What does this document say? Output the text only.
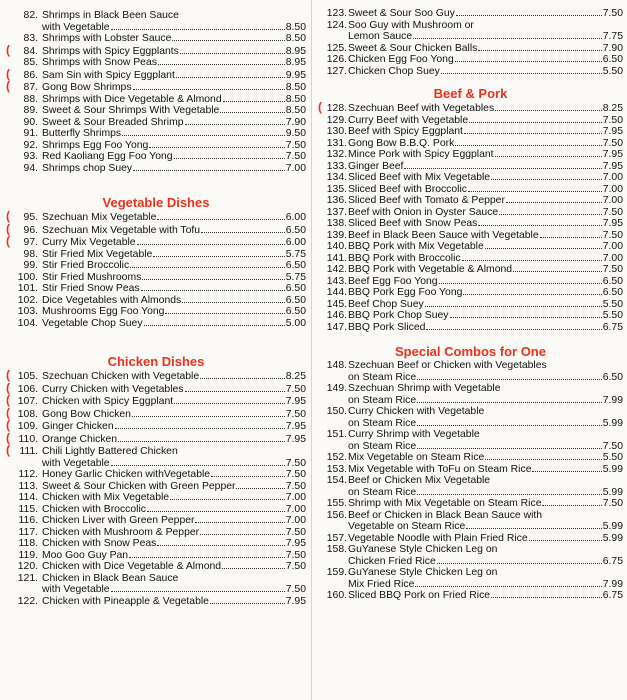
82. Shrimps in Black Been Sauce
with Vegetable	8.50
83. Shrimps with Lobster Sauce	8.50
(	84. Shrimps with Spicy Eggplants	8.95
85. Shrimps with Snow Peas	8.95
(	86. Sam Sin with Spicy Eggplant	9.95
(	87. Gong Bow Shrimps	8.50
88. Shrimps with Dice Vegetable & Almond	8.50
89. Sweet & Sour Shrimps With Vegetable	8.50
90. Sweet & Sour Breaded Shrimp	7.90
91. Butterfly Shrimps	9.50
92. Shrimps Egg Foo Yong	7.50
93. Red Kaoliang Egg Foo Yong	7.50
94. Shrimps chop Suey	7.00
Vegetable Dishes
(	95. Szechuan Mix Vegetable	6.00
(	96. Szechuan Mix Vegetable with Tofu	6.50
(	97. Curry Mix Vegetable	6.00
98. Stir Fried Mix Vegetable	5.75
99. Stir Fried Broccolic	6.50
100. Stir Fried Mushrooms	5.75
101. Stir Fried Snow Peas	6.50
102. Dice Vegetables with Almonds	6.50
103. Mushrooms Egg Foo Yong	6.50
104. Vegetable Chop Suey	5.00
Chicken Dishes
( 105. Szechuan Chicken with Vegetable	8.25
( 106. Curry Chicken with Vegetables	7.50
( 107. Chicken with Spicy Eggplant	7.95
( 108. Gong Bow Chicken	7.50
( 109. Ginger Chicken	7.95
( 110. Orange Chicken	7.95
( 111. Chili Lightly Battered Chicken
with Vegetable	7.50
112. Honey Garlic Chicken withVegetable	7.50
113. Sweet & Sour Chicken with Green Pepper	7.50
114. Chicken with Mix Vegetable	7.00
115. Chicken with Broccolic	7.00
116. Chicken Liver with Green Pepper	7.00
117. Chicken with Mushroom & Pepper	7.50
118. Chicken with Snow Peas	7.95
119. Moo Goo Guy Pan	7.50
120. Chicken with Dice Vegetable & Almond	7.50
121. Chicken in Black Bean Sauce
with Vegetable	7.50
122. Chicken with Pineapple & Vegetable	7.95
123. Sweet & Sour Soo Guy	7.50
124. Soo Guy with Mushroom or
Lemon Sauce	7.75
125. Sweet & Sour Chicken Balls	7.90
126. Chicken Egg Foo Yong	6.50
127. Chicken Chop Suey	5.50
Beef & Pork
( 128. Szechuan Beef with Vegetables	8.25
129. Curry Beef with Vegetable	7.50
130. Beef with Spicy Eggplant	7.95
131. Gong Bow B.B.Q. Pork	7.50
132. Mince Pork with Spicy Eggplant	7.95
133. Ginger Beef	7.95
134. Sliced Beef with Mix Vegetable	7.00
135. Sliced Beef with Broccolic	7.00
136. Sliced Beef with Tomato & Pepper	7.00
137. Beef with Onion in Oyster Sauce	7.50
138. Sliced Beef with Snow Peas	7.95
139. Beef in Black Been Sauce with Vegetable	7.50
140. BBQ Pork with Mix Vegetable	7.00
141. BBQ Pork with Broccolic	7.00
142. BBQ Pork with Vegetable & Almond	7.50
143. Beef Egg Foo Yong	6.50
144. BBQ Pork Egg Foo Yong	6.50
145. Beef Chop Suey	5.50
146. BBQ Pork Chop Suey	5.50
147. BBQ Pork Sliced	6.75
Special Combos for One
148. Szechuan Beef or Chicken with Vegetables
on Steam Rice	6.50
149. Szechuan Shrimp with Vegetable
on Steam Rice	7.99
150. Curry Chicken with Vegetable
on Steam Rice	5.99
151. Curry Shrimp with Vegetable
on Steam Rice	7.50
152. Mix Vegetable on Steam Rice	5.50
153. Mix Vegetable with ToFu on Steam Rice	5.99
154. Beef or Chicken Mix Vegetable
on Steam Rice	5.99
155. Shrimp with Mix Vegetable on Steam Rice	7.50
156. Beef or Chicken in Black Bean Sauce with
Vegetable on Steam Rice	5.99
157. Vegetable Noodle with Plain Fried Rice	5.99
158. GuYanese Style Chicken Leg on
Chicken Fried Rice	6.75
159. GuYanese Style Chicken Leg on
Mix Fried Rice	7.99
160. Sliced BBQ Pork on Fried Rice	6.75
